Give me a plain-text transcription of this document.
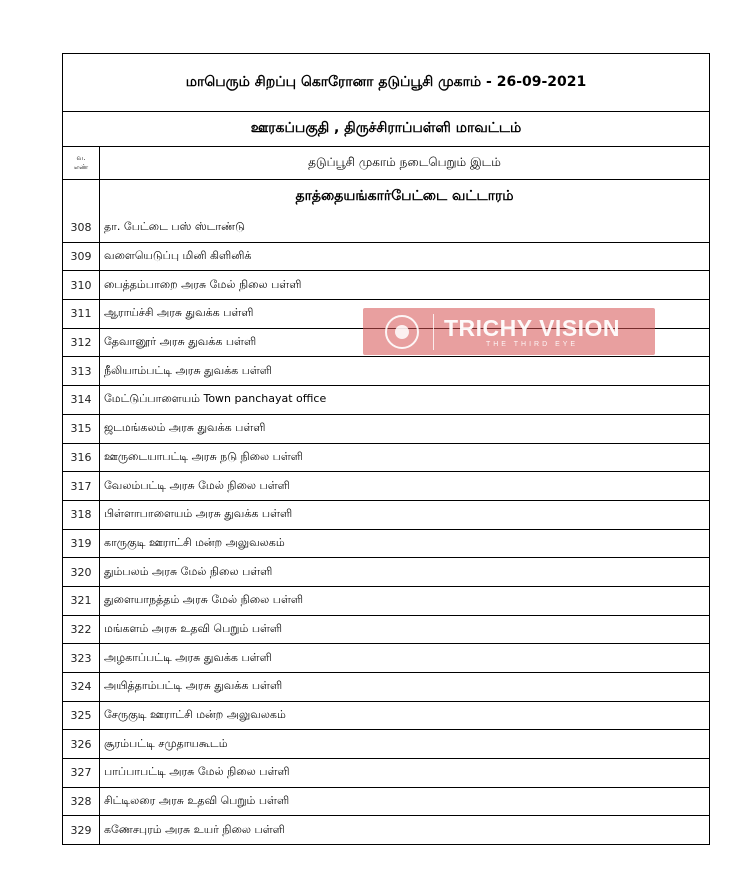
மாபெரும் சிறப்பு கொரோனா தடுப்பூசி முகாம் - 26-09-2021
ஊரகப்பகுதி , திருச்சிராப்பள்ளி மாவட்டம்
வ.
எண்	தடுப்பூசி முகாம் நடைபெறும் இடம்
தாத்தையங்கார்பேட்டை வட்டாரம்
308	தா. பேட்டை பஸ் ஸ்டாண்டு
309	வளையெடுப்பு மினி கிளினிக்
310	பைத்தம்பாறை அரசு மேல் நிலை பள்ளி
311	ஆராய்ச்சி அரசு துவக்க பள்ளி
312	தேவானூர் அரசு துவக்க பள்ளி
313	நீலியாம்பட்டி அரசு துவக்க பள்ளி
314	மேட்டுப்பாளையம் Town panchayat office
315	ஜடமங்கலம் அரசு துவக்க பள்ளி
316	ஊருடையாபட்டி அரசு நடு நிலை பள்ளி
317	வேலம்பட்டி அரசு மேல் நிலை பள்ளி
318	பிள்ளாபாளையம் அரசு துவக்க பள்ளி
319	காருகுடி ஊராட்சி மன்ற அலுவலகம்
320	தும்பலம் அரசு மேல் நிலை பள்ளி
321	துளையாநத்தம் அரசு மேல் நிலை பள்ளி
322	மங்களம் அரசு உதவி பெறும் பள்ளி
323	அழகாப்பட்டி அரசு துவக்க பள்ளி
324	அயித்தாம்பட்டி அரசு துவக்க பள்ளி
325	சேருகுடி ஊராட்சி மன்ற அலுவலகம்
326	சூரம்பட்டி சமுதாயகூடம்
327	பாப்பாபட்டி அரசு மேல் நிலை பள்ளி
328	சிட்டிலரை அரசு உதவி பெறும் பள்ளி
329	கணேசபுரம் அரசு உயர் நிலை பள்ளி
TRICHY VISION
THE THIRD EYE
